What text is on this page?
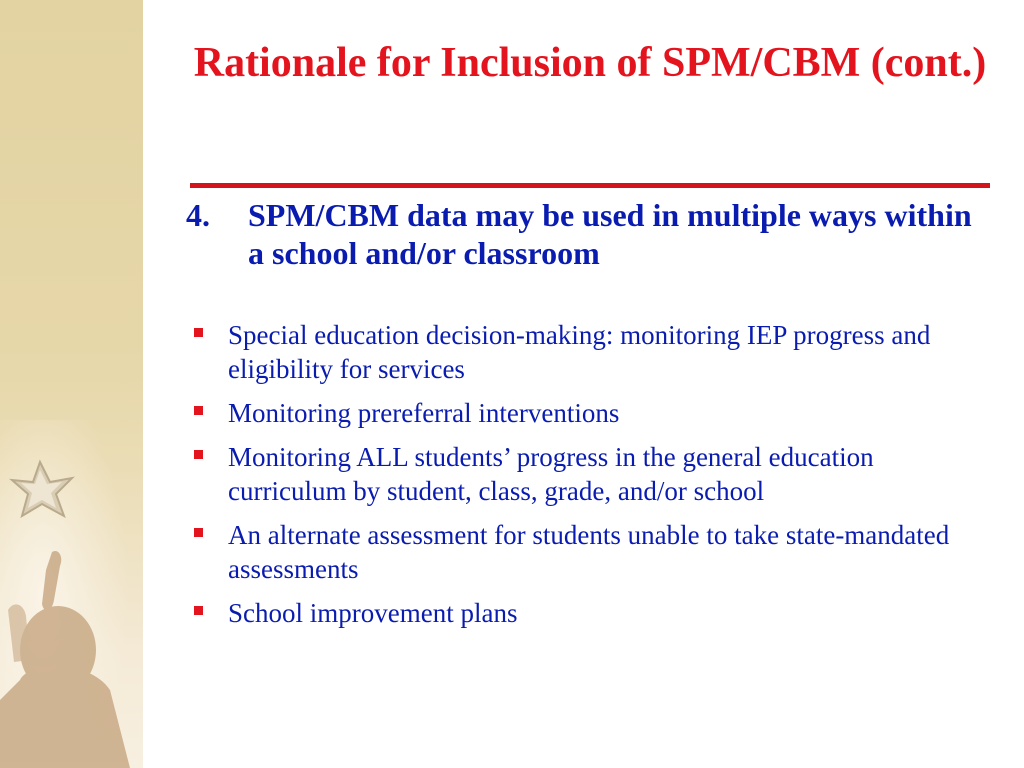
Rationale for Inclusion of SPM/CBM (cont.)
4.	SPM/CBM data may be used in multiple ways within a school and/or classroom
Special education decision-making: monitoring IEP progress and eligibility for services
Monitoring prereferral interventions
Monitoring ALL students’ progress in the general education curriculum by student, class, grade, and/or school
An alternate assessment for students unable to take state-mandated assessments
School improvement plans
